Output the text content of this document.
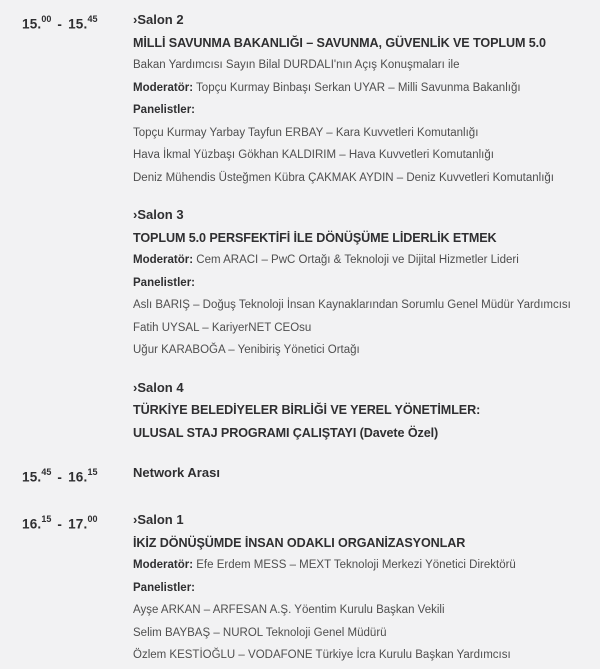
15.00 - 15.45	›Salon 2
MİLLİ SAVUNMA BAKANLIĞI – SAVUNMA, GÜVENLİK VE TOPLUM 5.0
Bakan Yardımcısı Sayın Bilal DURDALI'nın Açış Konuşmaları ile
Moderatör: Topçu Kurmay Binbaşı Serkan UYAR – Milli Savunma Bakanlığı
Panelistler:
Topçu Kurmay Yarbay Tayfun ERBAY – Kara Kuvvetleri Komutanlığı
Hava İkmal Yüzbaşı Gökhan KALDIRIM – Hava Kuvvetleri Komutanlığı
Deniz Mühendis Üsteğmen Kübra ÇAKMAK AYDIN – Deniz Kuvvetleri Komutanlığı
›Salon 3
TOPLUM 5.0 PERSFEKTİFİ İLE DÖNÜŞÜME LİDERLİK ETMEK
Moderatör: Cem ARACI – PwC Ortağı & Teknoloji ve Dijital Hizmetler Lideri
Panelistler:
Aslı BARIŞ – Doğuş Teknoloji İnsan Kaynaklarından Sorumlu Genel Müdür Yardımcısı
Fatih UYSAL – KariyerNET CEOsu
Uğur KARABOĞA – Yenibiriş Yönetici Ortağı
›Salon 4
TÜRKİYE BELEDİYELER BİRLİĞİ VE YEREL YÖNETİMLER:
ULUSAL STAJ PROGRAMI ÇALIŞTAYI (Davete Özel)
15.45 - 16.15	Network Arası
16.15 - 17.00	›Salon 1
İKİZ DÖNÜŞÜMDE İNSAN ODAKLI ORGANİZASYONLAR
Moderatör: Efe Erdem MESS – MEXT Teknoloji Merkezi Yönetici Direktörü
Panelistler:
Ayşe ARKAN – ARFESAN A.Ş. Yöentim Kurulu Başkan Vekili
Selim BAYBAŞ – NUROL Teknoloji Genel Müdürü
Özlem KESTİOĞLU – VODAFONE Türkiye İcra Kurulu Başkan Yardımcısı
